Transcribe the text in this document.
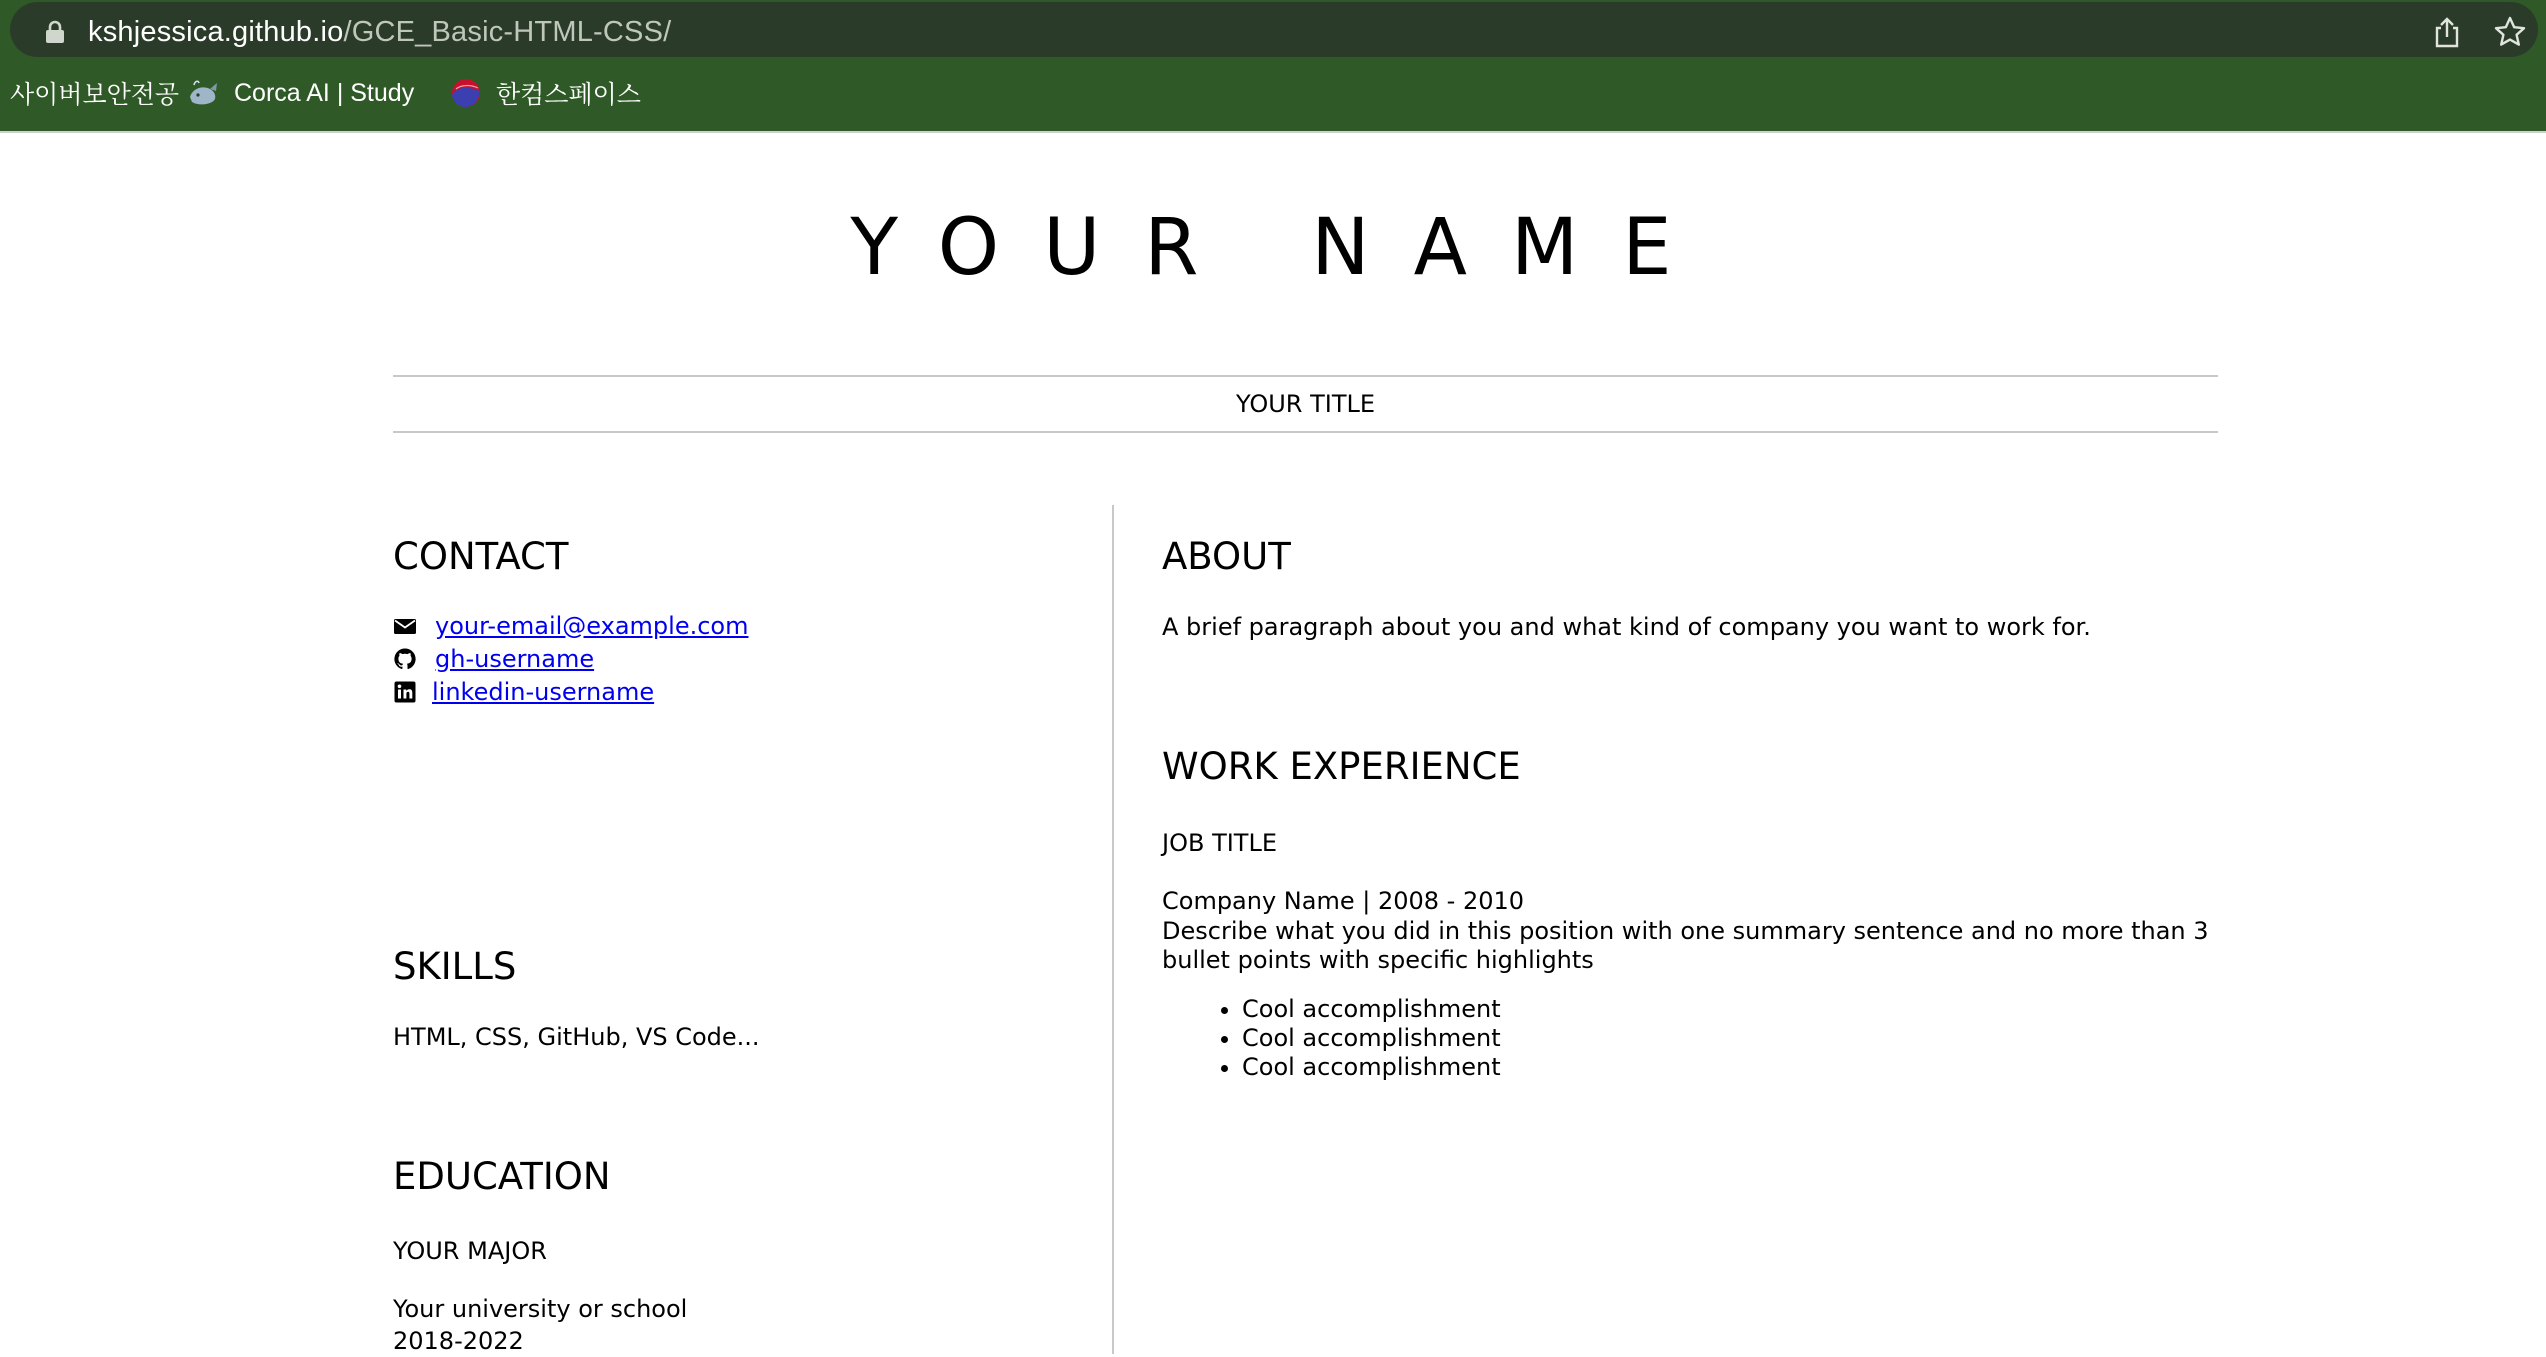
kshjessica.github.io/GCE_Basic-HTML-CSS/
사이버보안전공 Corca AI | Study	한컴스페이스
YOUR NAME
YOUR TITLE
CONTACT
your-email@example.com
gh-username
linkedin-username
SKILLS

HTML, CSS, GitHub, VS Code...

EDUCATION

YOUR MAJOR

Your university or school

2018-2022

ABOUT

A brief paragraph about you and what kind of company you want to work for.

WORK EXPERIENCE

JOB TITLE

Company Name | 2008 - 2010

Describe what you did in this position with one summary sentence and no more than 3 bullet points with specific highlights

• Cool accomplishment
• Cool accomplishment
• Cool accomplishment
